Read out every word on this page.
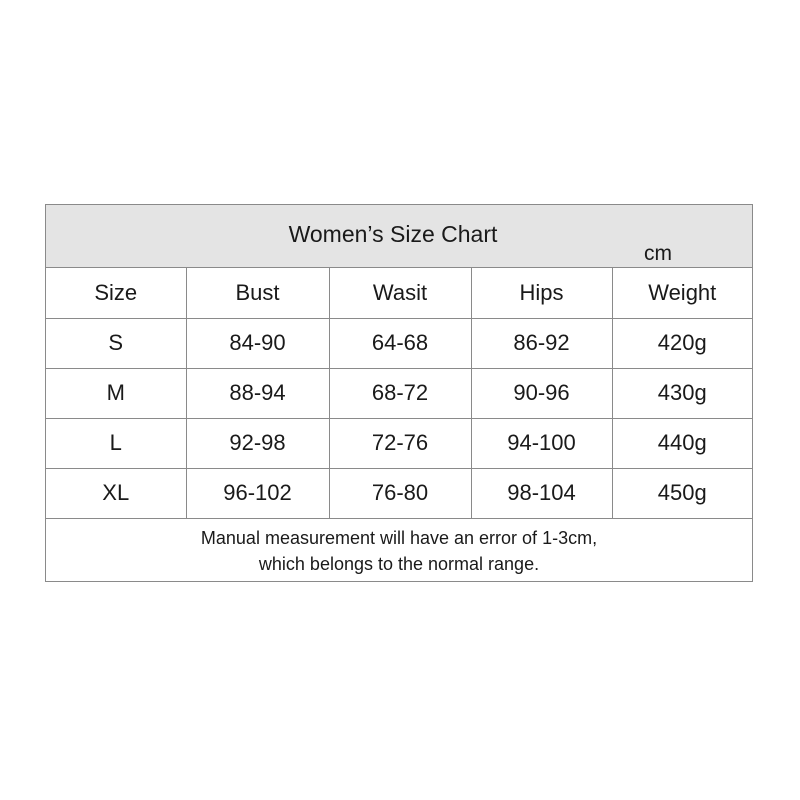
Women’s Size Chart
cm
Size	Bust	Wasit	Hips	Weight
S	84-90	64-68	86-92	420g
M	88-94	68-72	90-96	430g
L	92-98	72-76	94-100	440g
XL	96-102	76-80	98-104	450g
Manual measurement will have an error of 1-3cm,
which belongs to the normal range.
